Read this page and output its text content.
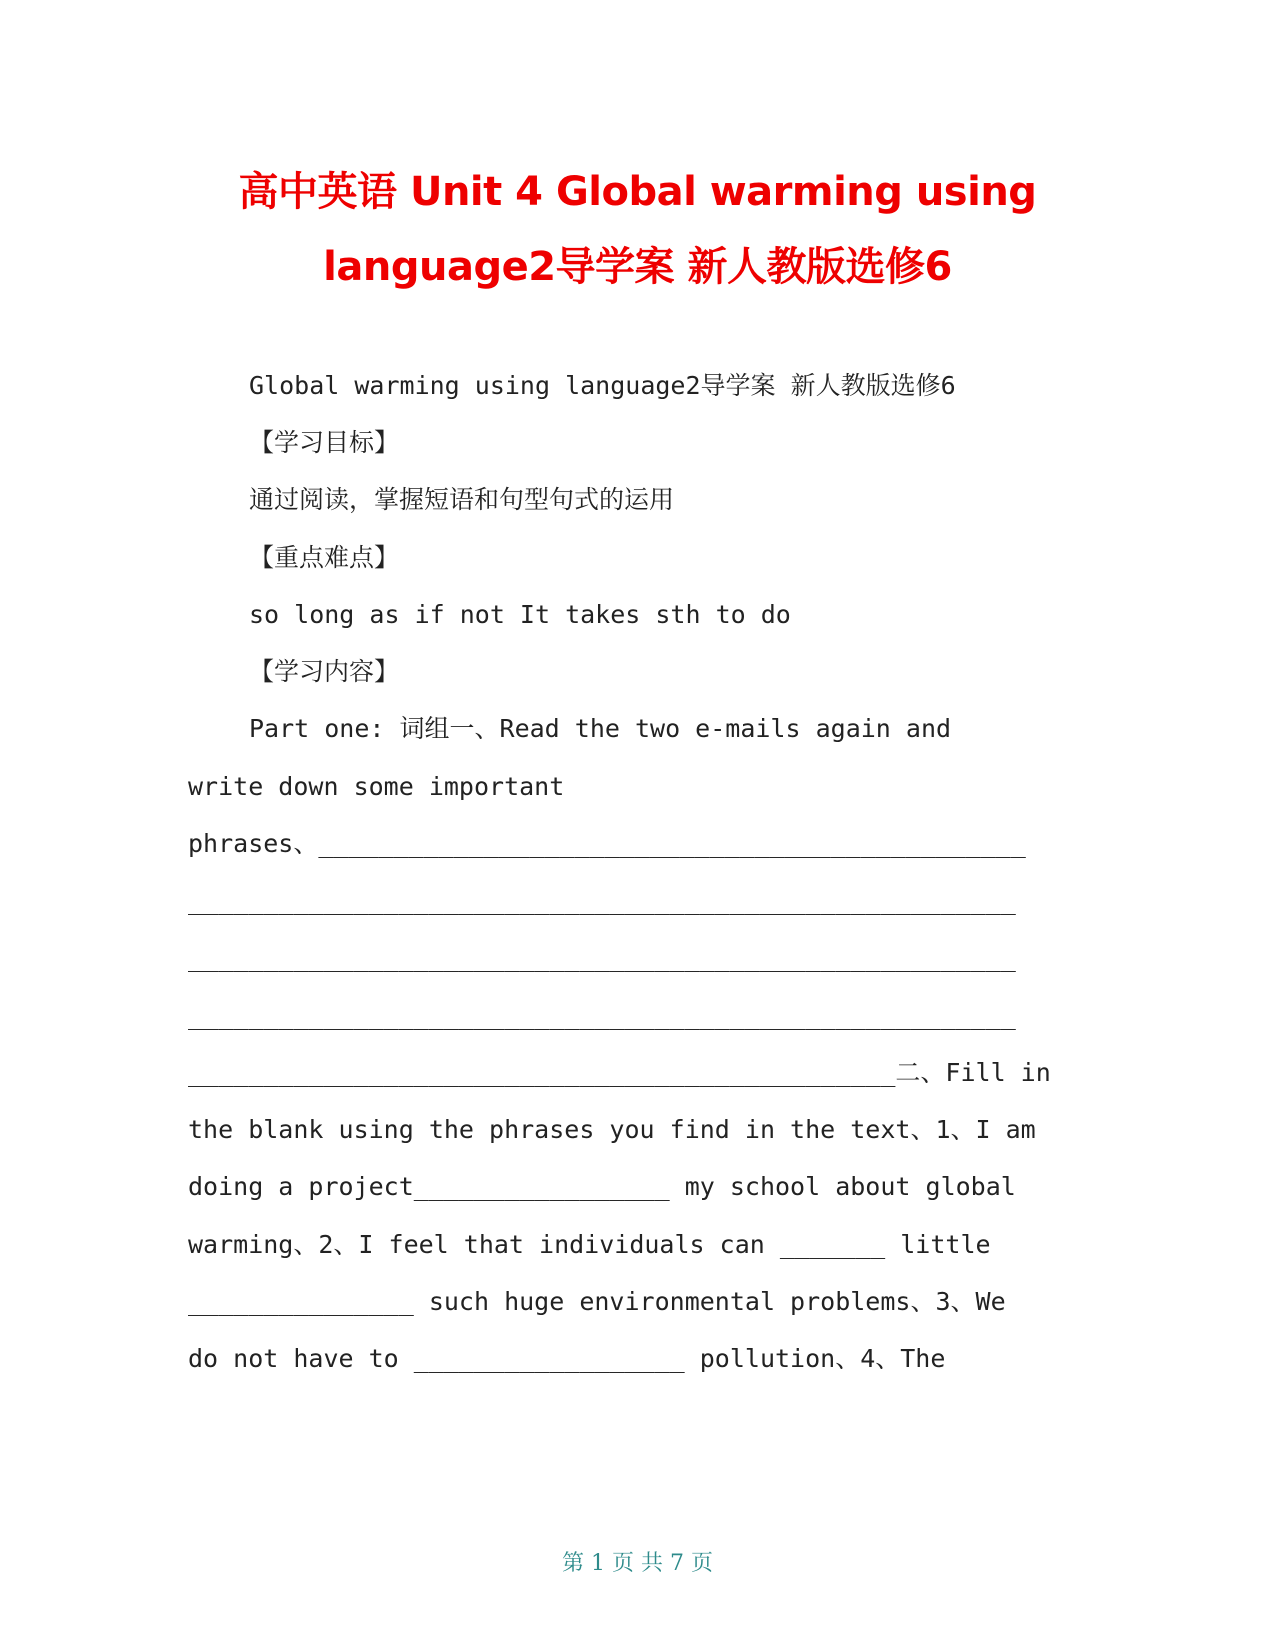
高中英语 Unit 4 Global warming using
language2导学案 新人教版选修6
Global warming using language2导学案 新人教版选修6
【学习目标】
通过阅读，掌握短语和句型句式的运用
【重点难点】
so long as if not It takes sth to do
【学习内容】
Part one: 词组一、Read the two e-mails again and
write down some important
phrases、_______________________________________________
_______________________________________________________
_______________________________________________________
_______________________________________________________
_______________________________________________二、Fill in
the blank using the phrases you find in the text、1、I am
doing a project_________________ my school about global
warming、2、I feel that individuals can _______ little
_______________ such huge environmental problems、3、We
do not have to __________________ pollution、4、The
第 1 页 共 7 页
